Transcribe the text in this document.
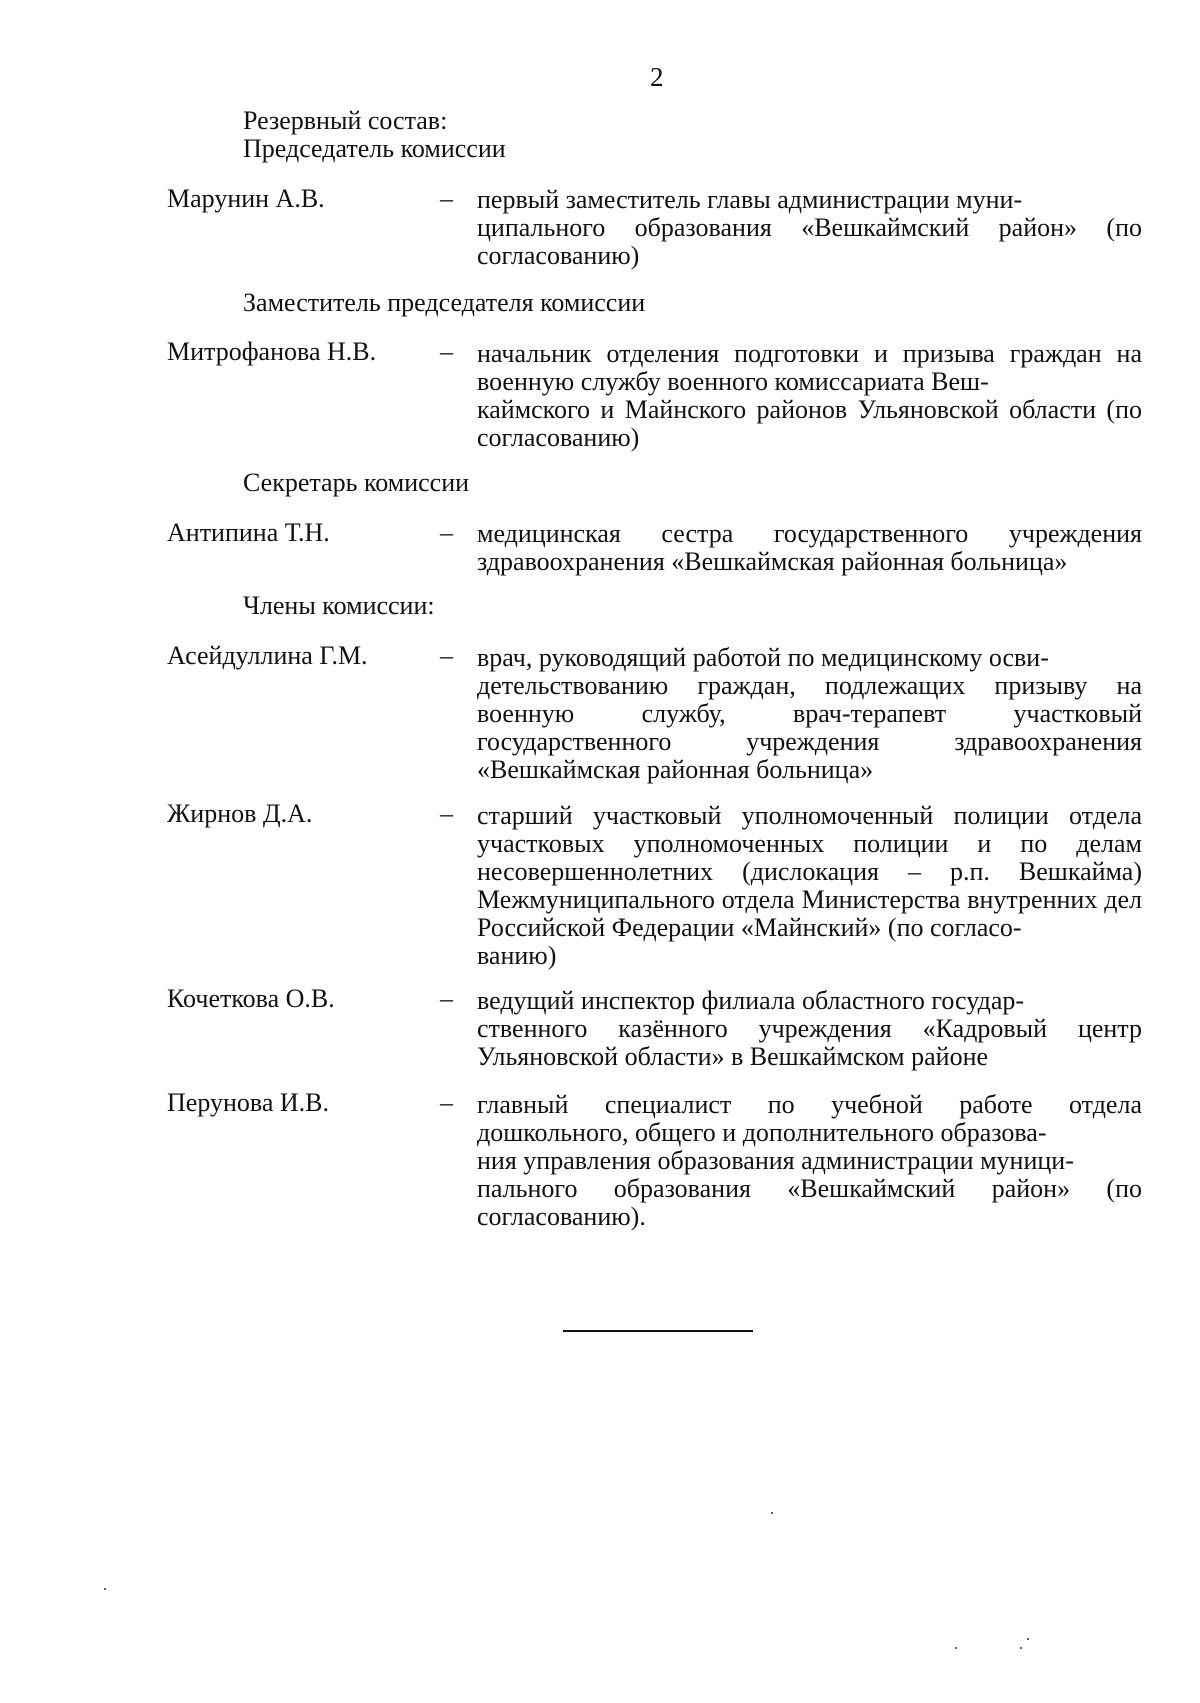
2
Резервный состав:
Председатель комиссии
Марунин А.В.	– первый заместитель главы администрации муни-
ципального образования «Вешкаймский район» (по согласованию)
Заместитель председателя комиссии
Митрофанова Н.В. – начальник отделения подготовки и призыва граждан на военную службу военного комиссариата Веш-
каймского и Майнского районов Ульяновской области (по согласованию)
Секретарь комиссии
Антипина Т.Н.	– медицинская сестра государственного учреждения здравоохранения «Вешкаймская районная больница»
Члены комиссии:
Асейдуллина Г.М.	– врач, руководящий работой по медицинскому осви-
детельствованию граждан, подлежащих призыву на военную службу, врач-терапевт участковый государственного учреждения здравоохранения «Вешкаймская районная больница»
Жирнов Д.А.	– старший участковый уполномоченный полиции отдела участковых уполномоченных полиции и по делам несовершеннолетних (дислокация – р.п. Вешкайма) Межмуниципального отдела Министерства внутренних дел Российской Федерации «Майнский» (по согласо-
ванию)
Кочеткова О.В.	– ведущий инспектор филиала областного государ-
ственного казённого учреждения «Кадровый центр Ульяновской области» в Вешкаймском районе
Перунова И.В.	– главный специалист по учебной работе отдела дошкольного, общего и дополнительного образова-
ния управления образования администрации муници-
пального образования «Вешкаймский район» (по согласованию).
